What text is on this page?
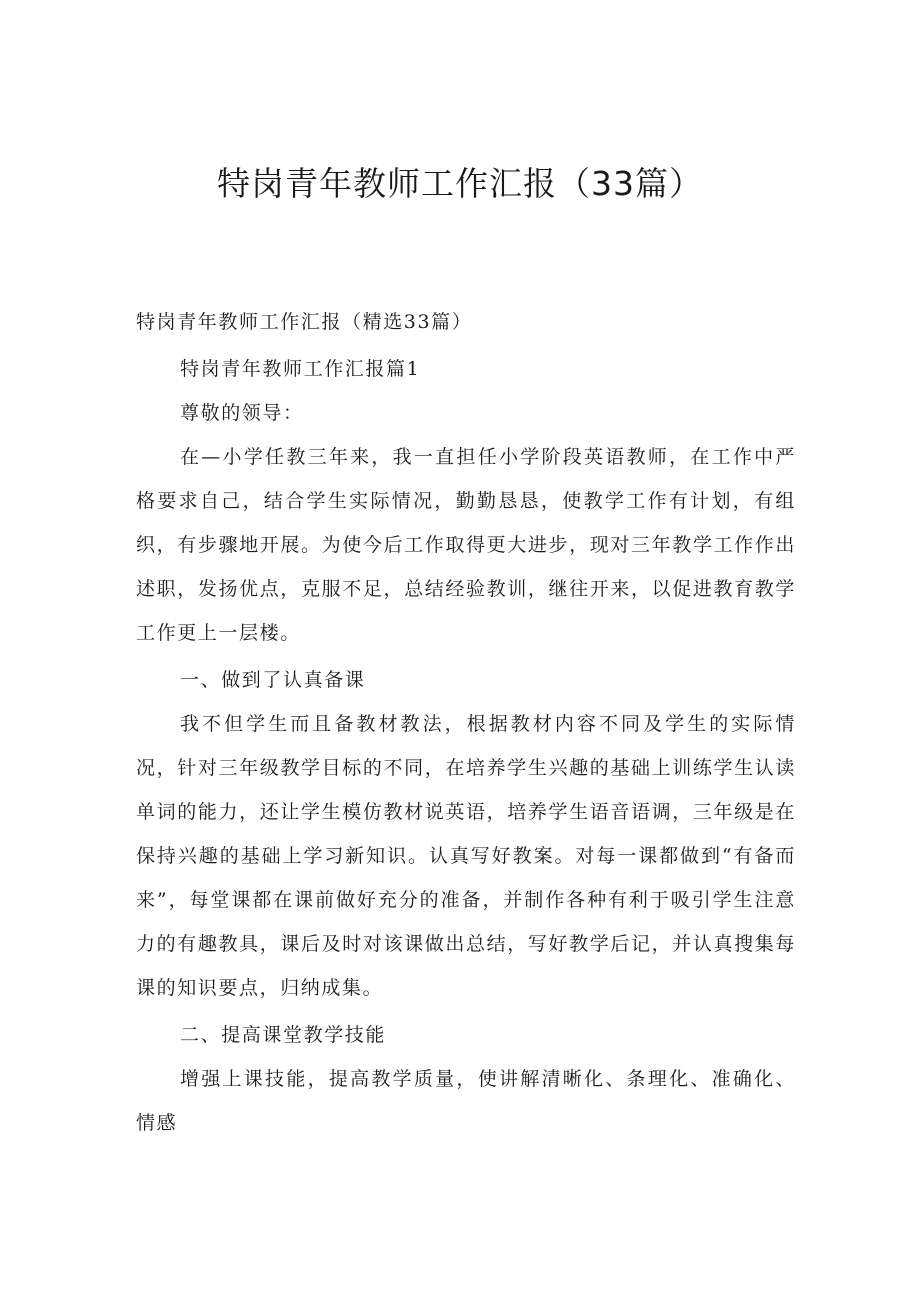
特岗青年教师工作汇报（33篇）

特岗青年教师工作汇报（精选33篇）

特岗青年教师工作汇报篇1

尊敬的领导：

在—小学任教三年来，我一直担任小学阶段英语教师，在工作中严格要求自己，结合学生实际情况，勤勤恳恳，使教学工作有计划，有组织，有步骤地开展。为使今后工作取得更大进步，现对三年教学工作作出述职，发扬优点，克服不足，总结经验教训，继往开来，以促进教育教学工作更上一层楼。

一、做到了认真备课

我不但学生而且备教材教法，根据教材内容不同及学生的实际情况，针对三年级教学目标的不同，在培养学生兴趣的基础上训练学生认读单词的能力，还让学生模仿教材说英语，培养学生语音语调，三年级是在保持兴趣的基础上学习新知识。认真写好教案。对每一课都做到“有备而来”，每堂课都在课前做好充分的准备，并制作各种有利于吸引学生注意力的有趣教具，课后及时对该课做出总结，写好教学后记，并认真搜集每课的知识要点，归纳成集。

二、提高课堂教学技能

增强上课技能，提高教学质量，使讲解清晰化、条理化、准确化、情感
